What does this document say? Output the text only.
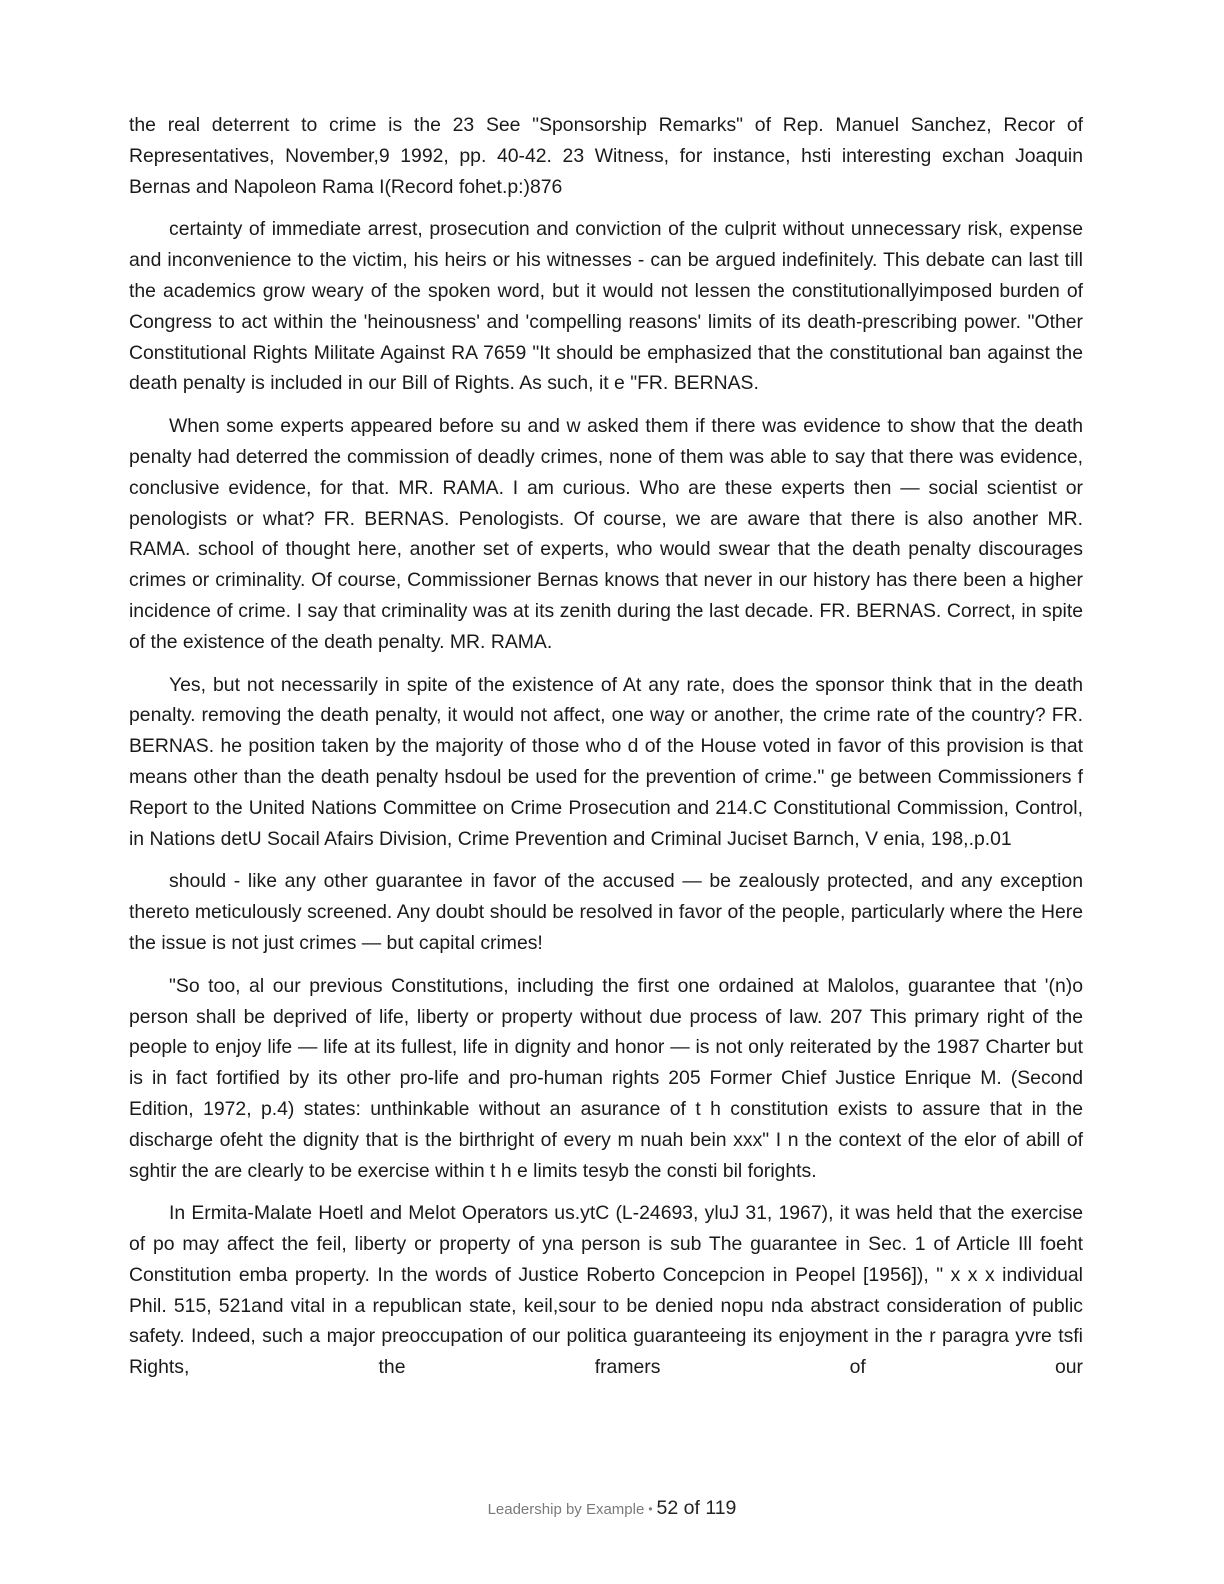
the real deterrent to crime is the 23 See "Sponsorship Remarks" of Rep. Manuel Sanchez, Recor of Representatives, November,9 1992, pp. 40-42. 23 Witness, for instance, hsti interesting exchan Joaquin Bernas and Napoleon Rama I(Record fohet.p:)876

certainty of immediate arrest, prosecution and conviction of the culprit without unnecessary risk, expense and inconvenience to the victim, his heirs or his witnesses - can be argued indefinitely. This debate can last till the academics grow weary of the spoken word, but it would not lessen the constitutionallyimposed burden of Congress to act within the 'heinousness' and 'compelling reasons' limits of its death-prescribing power. "Other Constitutional Rights Militate Against RA 7659 "It should be emphasized that the constitutional ban against the death penalty is included in our Bill of Rights. As such, it e "FR. BERNAS.

When some experts appeared before su and w asked them if there was evidence to show that the death penalty had deterred the commission of deadly crimes, none of them was able to say that there was evidence, conclusive evidence, for that. MR. RAMA. I am curious. Who are these experts then — social scientist or penologists or what? FR. BERNAS. Penologists. Of course, we are aware that there is also another MR. RAMA. school of thought here, another set of experts, who would swear that the death penalty discourages crimes or criminality. Of course, Commissioner Bernas knows that never in our history has there been a higher incidence of crime. I say that criminality was at its zenith during the last decade. FR. BERNAS. Correct, in spite of the existence of the death penalty. MR. RAMA.

Yes, but not necessarily in spite of the existence of At any rate, does the sponsor think that in the death penalty. removing the death penalty, it would not affect, one way or another, the crime rate of the country? FR. BERNAS. he position taken by the majority of those who d of the House voted in favor of this provision is that means other than the death penalty hsdoul be used for the prevention of crime." ge between Commissioners f Report to the United Nations Committee on Crime Prosecution and 214.C Constitutional Commission, Control, in Nations detU Socail Afairs Division, Crime Prevention and Criminal Juciset Barnch, V enia, 198,.p.01

should - like any other guarantee in favor of the accused — be zealously protected, and any exception thereto meticulously screened. Any doubt should be resolved in favor of the people, particularly where the Here the issue is not just crimes — but capital crimes!

"So too, al our previous Constitutions, including the first one ordained at Malolos, guarantee that '(n)o person shall be deprived of life, liberty or property without due process of law. 207 This primary right of the people to enjoy life — life at its fullest, life in dignity and honor — is not only reiterated by the 1987 Charter but is in fact fortified by its other pro-life and pro-human rights 205 Former Chief Justice Enrique M. (Second Edition, 1972, p.4) states: unthinkable without an asurance of t h constitution exists to assure that in the discharge ofeht the dignity that is the birthright of every m nuah bein xxx" I n the context of the elor of abill of sghtir the are clearly to be exercise within t h e limits tesyb the consti bil forights.

In Ermita-Malate Hoetl and Melot Operators us.ytC (L-24693, yluJ 31, 1967), it was held that the exercise of po may affect the feil, liberty or property of yna person is sub The guarantee in Sec. 1 of Article Ill foeht Constitution emba property. In the words of Justice Roberto Concepcion in Peopel [1956]), " x x x individual Phil. 515, 521and vital in a republican state, keil,sour to be denied nopu nda abstract consideration of public safety. Indeed, such a major preoccupation of our politica guaranteeing its enjoyment in the r paragra yvre tsfi Rights, the framers of our

Leadership by Example • 52 of 119
